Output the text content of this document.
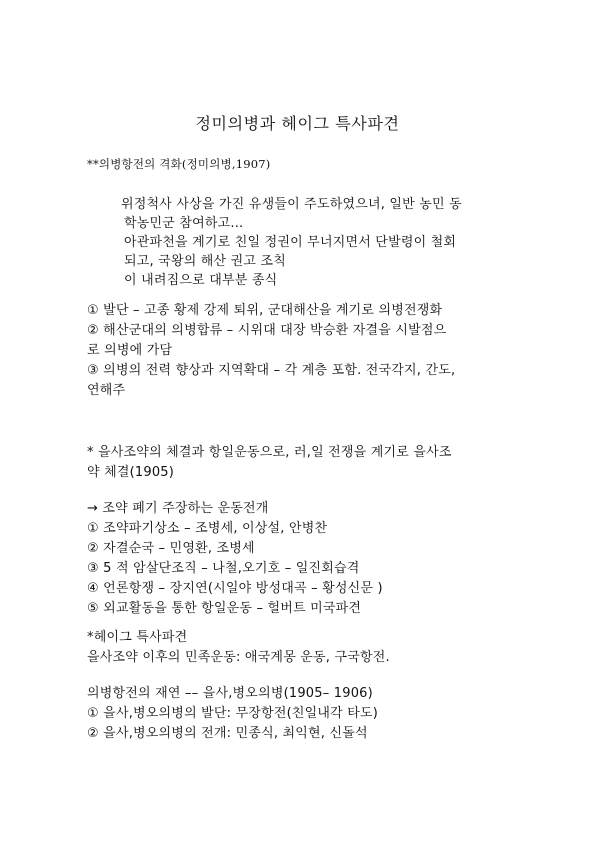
정미의병과 헤이그 특사파견
**의병항전의 격화(정미의병,1907)
위정척사 사상을 가진 유생들이 주도하였으녀, 일반 농민 동
학농민군 참여하고...
아관파천을 계기로 친일 정권이 무너지면서 단발령이 철회
되고, 국왕의 해산 권고 조칙
이 내려짐으로 대부분 종식
① 발단 – 고종 황제 강제 퇴위, 군대해산을 계기로 의병전쟁화
② 해산군대의 의병합류 – 시위대 대장 박승환 자결을 시발점으
로 의병에 가담
③ 의병의 전력 향상과 지역확대 – 각 계층 포함. 전국각지, 간도,
연해주
* 을사조약의 체결과 항일운동으로, 러,일 전쟁을 계기로 을사조
약 체결(1905)
→ 조약 폐기 주장하는 운동전개
① 조약파기상소 – 조병세, 이상설, 안병찬
② 자결순국 – 민영환, 조병세
③ 5 적 암살단조직 – 나철,오기호 – 일진회습격
④ 언론항쟁 – 장지연(시일야 방성대곡 – 황성신문 )
⑤ 외교활동을 통한 항일운동 – 헐버트 미국파견
*헤이그 특사파견
을사조약 이후의 민족운동: 애국계몽 운동, 구국항전.
의병항전의 재연 –– 을사,병오의병(1905– 1906)
① 을사,병오의병의 발단: 무장항전(친일내각 타도)
② 을사,병오의병의 전개: 민종식, 최익현, 신돌석
